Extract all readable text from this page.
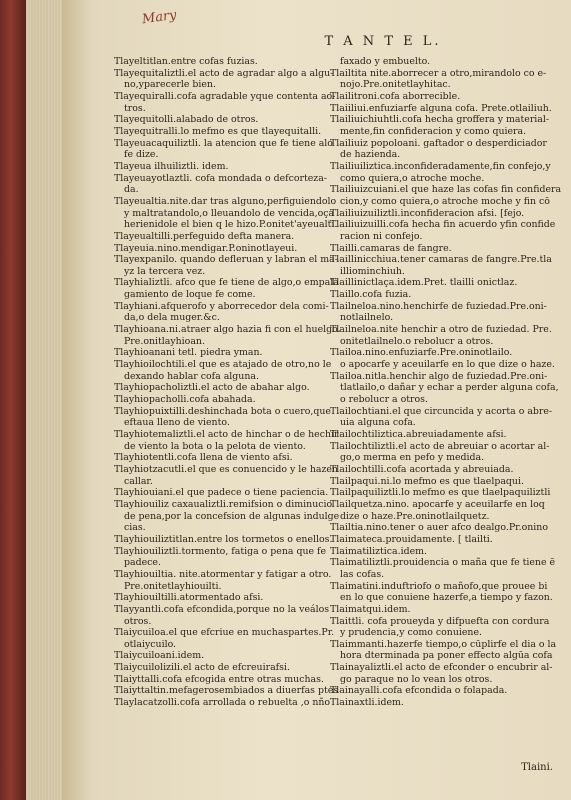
Mary
T A N T E L.
Tlayeltitlan.entre cofas fuzias.
Tlayequitaliztli.el acto de agradar algo a algu-
no,yparecerle bien.
Tlayequiralli.cofa agradable yque contenta ao-
tros.
Tlayequitolli.alabado de otros.
Tlayequitralli.lo mefmo es que tlayequitalli.
Tlayeuacaquiliztli. la atencion que fe tiene alo
fe dize.
Tlayeua ilhuiliztli. idem.
Tlayeuayotlaztli. cofa mondada o defcorteza-
da.
Tlayeualtia.nite.dar tras alguno,perfiguiendolo
y maltratandolo,o lleuandolo de vencida,oça
herienidole el bien q le hizo.P.onitet'ayeualti.
Tlayeualtilli.perfeguido defta manera.
Tlayeuia.nino.mendigar.P.oninotlayeui.
Tlayexpanilo. quando defleruan y labran el ma-
yz la tercera vez.
Tlayhializtli. afco que fe tiene de algo,o empala
gamiento de loque fe come.
Tlayhiani.afquerofo y aborrecedor dela comi-
da,o dela muger.&c.
Tlayhioana.ni.atraer algo hazia fi con el huelgo.
Pre.onitlayhioan.
Tlayhioanani tetl. piedra yman.
Tlayhioilochtili.el que es atajado de otro,no le
dexando hablar cofa alguna.
Tlayhiopacholiztli.el acto de abahar algo.
Tlayhiopacholli.cofa abahada.
Tlayhiopuixtilli.deshinchada bota o cuero,que
eftaua lleno de viento.
Tlayhiotemaliztli.el acto de hinchar o de hechir
de viento la bota o la pelota de viento.
Tlayhiotentli.cofa llena de viento afsi.
Tlayhiotzacutli.el que es conuencido y le hazen
callar.
Tlayhiouiani.el que padece o tiene paciencia.
Tlayhiouiliz caxaualiztli.remifsion o diminucio
de pena,por la concefsion de algunas indulge
cias.
Tlayhiouiliztitlan.entre los tormetos o enellos.
Tlayhiouiliztli.tormento, fatiga o pena que fe
padece.
Tlayhiouiltia. nite.atormentar y fatigar a otro.
Pre.onitetlayhiouilti.
Tlayhiouiltilli.atormentado afsi.
Tlayyantli.cofa efcondida,porque no la veálos
otros.
Tlaiycuiloa.el que efcriue en muchaspartes.Pr.
otlaiycuilo.
Tlaiycuiloani.idem.
Tlaiycuilolizili.el acto de efcreuirafsi.
Tlaiyttalli.cofa efcogida entre otras muchas.
Tlaiyttaltin.mefagerosembiados a diuerfas ptes
Tlaylacatzolli.cofa arrollada o rebuelta ,o nño
faxado y embuelto.
Tlailtita nite.aborrecer a otro,mirandolo co e-
nojo.Pre.onitetlayhitac.
Tlailitroni.cofa aborrecible.
Tlaiiliui.enfuziarfe alguna cofa. Prete.otlailiuh.
Tlailiuichiuhtli.cofa hecha groffera y material-
mente,fin confideracion y como quiera.
Tlailiuiz popoloani. gaftador o desperdiciador
de hazienda.
Tlailiuiliztica.inconfideradamente,fin confejo,y
como quiera,o atroche moche.
Tlailiuizcuiani.el que haze las cofas fin confidera
cion,y como quiera,o atroche moche y fin cō
Tlailiuizuiliztli.inconfideracion afsi. [fejo.
Tlailiuizuilli.cofa hecha fin acuerdo yfin confide
racion ni confejo.
Tlailli.camaras de fangre.
Tlaillinicchiua.tener camaras de fangre.Pre.tla
illiominchiuh.
Tlaillinictlaça.idem.Pret. tlailli onictlaz.
Tlaillo.cofa fuzia.
Tlailneloa.nino.henchirfe de fuziedad.Pre.oni-
notlailnelo.
Tlailneloa.nite henchir a otro de fuziedad. Pre.
onitetlailnelo.o rebolucr a otros.
Tlailoa.nino.enfuziarfe.Pre.oninotlailo.
o apocarfe y aceuilarfe en lo que dize o haze.
Tlailoa.nitla.henchir algo de fuziedad.Pre.oni-
tlatlailo,o dañar y echar a perder alguna cofa,
o rebolucr a otros.
Tlailochtiani.el que circuncida y acorta o abre-
uia alguna cofa.
Tlailochtiliztica.abreuiadamente afsi.
Tlailochtiliztli.el acto de abreuiar o acortar al-
go,o merma en pefo y medida.
Tlailochtilli.cofa acortada y abreuiada.
Tlailpaqui.ni.lo mefmo es que tlaelpaqui.
Tlailpaquiliztli.lo mefmo es que tlaelpaquiliztli
Tlailquetza.nino. apocarfe y aceuilarfe en loq
dize o haze.Pre.oninotlailquetz.
Tlailtia.nino.tener o auer afco dealgo.Pr.onino
Tlaimateca.prouidamente. [ tlailti.
Tlaimatiliztica.idem.
Tlaimatiliztli.prouidencia o maña que fe tiene ē
las cofas.
Tlaimatini.induftriofo o mañofo,que prouee bi
en lo que conuiene hazerfe,a tiempo y fazon.
Tlaimatqui.idem.
Tlaittli. cofa proueyda y difpuefta con cordura
y prudencia,y como conuiene.
Tlaimmanti.hazerfe tiempo,o cūplirfe el dia o la
hora dterminada pa poner effecto algūa cofa
Tlainayaliztli.el acto de efconder o encubrir al-
go paraque no lo vean los otros.
Tlainayalli.cofa efcondida o folapada.
Tlainaxtli.idem.
Tlaini.
